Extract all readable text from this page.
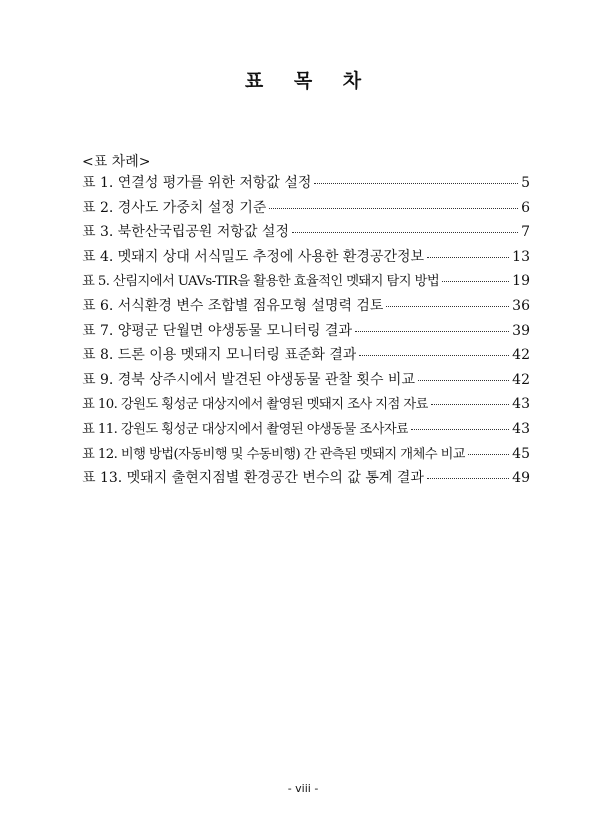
표 목 차
<표 차례>
표 1. 연결성 평가를 위한 저항값 설정	5
표 2. 경사도 가중치 설정 기준	6
표 3. 북한산국립공원 저항값 설정	7
표 4. 멧돼지 상대 서식밀도 추정에 사용한 환경공간정보	13
표 5. 산림지에서 UAVs-TIR을 활용한 효율적인 멧돼지 탐지 방법	19
표 6. 서식환경 변수 조합별 점유모형 설명력 검토	36
표 7. 양평군 단월면 야생동물 모니터링 결과	39
표 8. 드론 이용 멧돼지 모니터링 표준화 결과	42
표 9. 경북 상주시에서 발견된 야생동물 관찰 횟수 비교	42
표 10. 강원도 횡성군 대상지에서 촬영된 멧돼지 조사 지점 자료	43
표 11. 강원도 횡성군 대상지에서 촬영된 야생동물 조사자료	43
표 12. 비행 방법(자동비행 및 수동비행) 간 관측된 멧돼지 개체수 비교	45
표 13. 멧돼지 출현지점별 환경공간 변수의 값 통계 결과	49
- viii -
